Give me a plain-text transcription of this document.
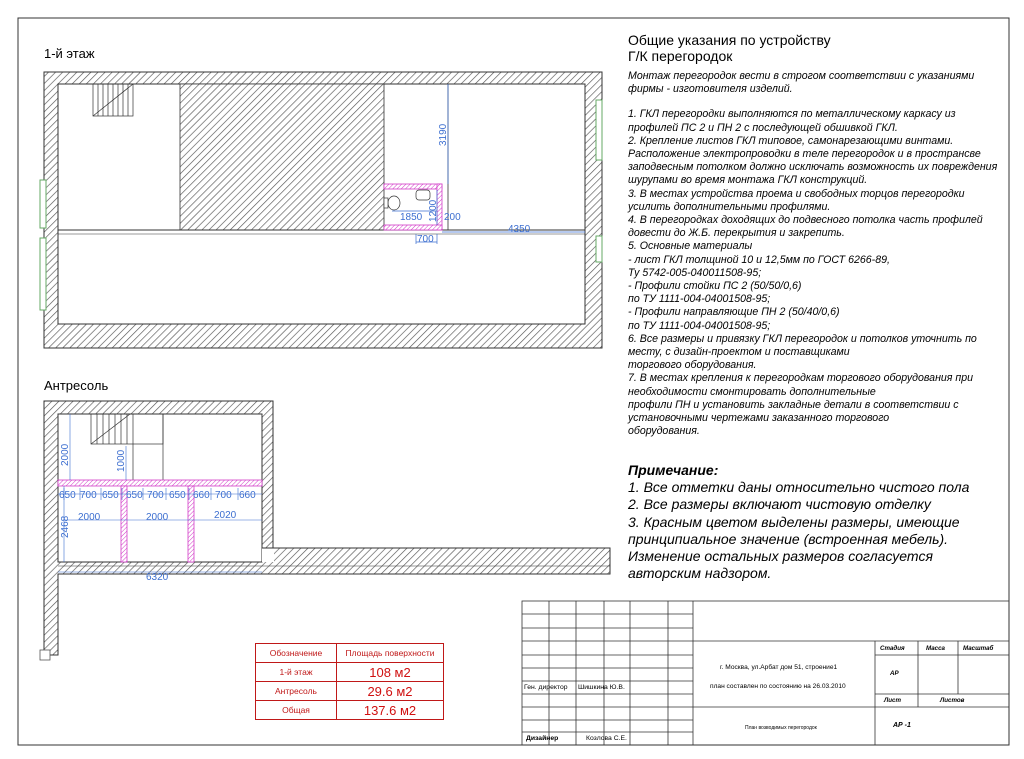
3190
1850 1200 200
700
4350
2000	1000
2468
650 700 650 650 700 650 660 700 660
2000	2000	2020
6320
1-й этаж
Антресоль
Общие указания по устройству
Г/К перегородок
Монтаж перегородок вести в строгом соответствии с указаниями фирмы - изготовителя изделий.
1. ГКЛ перегородки выполняются по металлическому каркасу из профилей ПС 2 и ПН 2 с последующей обшивкой ГКЛ.
2. Крепление листов ГКЛ типовое, самонарезающими винтами. Расположение электропроводки в теле перегородок и в пространсве заподвесным потолком должно исключать возможность их повреждения шурупами во время монтажа ГКЛ конструкций.
3. В местах устройства проема и свободных торцов перегородки усилить дополнительными профилями.
4. В перегородках доходящих до подвесного потолка часть профилей довести до Ж.Б. перекрытия и закрепить.
5. Основные материалы
- лист ГКЛ толщиной 10 и 12,5мм по ГОСТ 6266-89,
Ту 5742-005-040011508-95;
- Профили стойки ПС 2 (50/50/0,6)
по ТУ 1111-004-04001508-95;
- Профили направляющие ПН 2 (50/40/0,6)
по ТУ 1111-004-04001508-95;
6. Все размеры и привязку ГКЛ перегородок и потолков уточнить по месту, с дизайн-проектом и поставщиками
торгового оборудования.
7. В местах крепления к перегородкам торгового оборудования при необходимости смонтировать дополнительные
профили ПН и установить закладные детали в соответствии с установочными чертежами заказанного торгового
оборудования.
Примечание:
1. Все отметки даны относительно чистого пола
2. Все размеры включают чистовую отделку
3. Красным цветом выделены размеры, имеющие
принципиальное значение (встроенная мебель).
Изменение остальных размеров согласуется
авторским надзором.
Обозначение	Площадь поверхности
1-й этаж	108 м2
Антресоль	29.6 м2
Общая	137.6 м2
Стадия	Масса	Масштаб
АР
г. Москва, ул.Арбат дом 51, строение1
план составлен по состоянию на 26.03.2010
Ген. директор Шишкина Ю.В.
Дизайнер	Козлова С.Е.
Лист	Листов
План возводимых перегородок	АР -1
